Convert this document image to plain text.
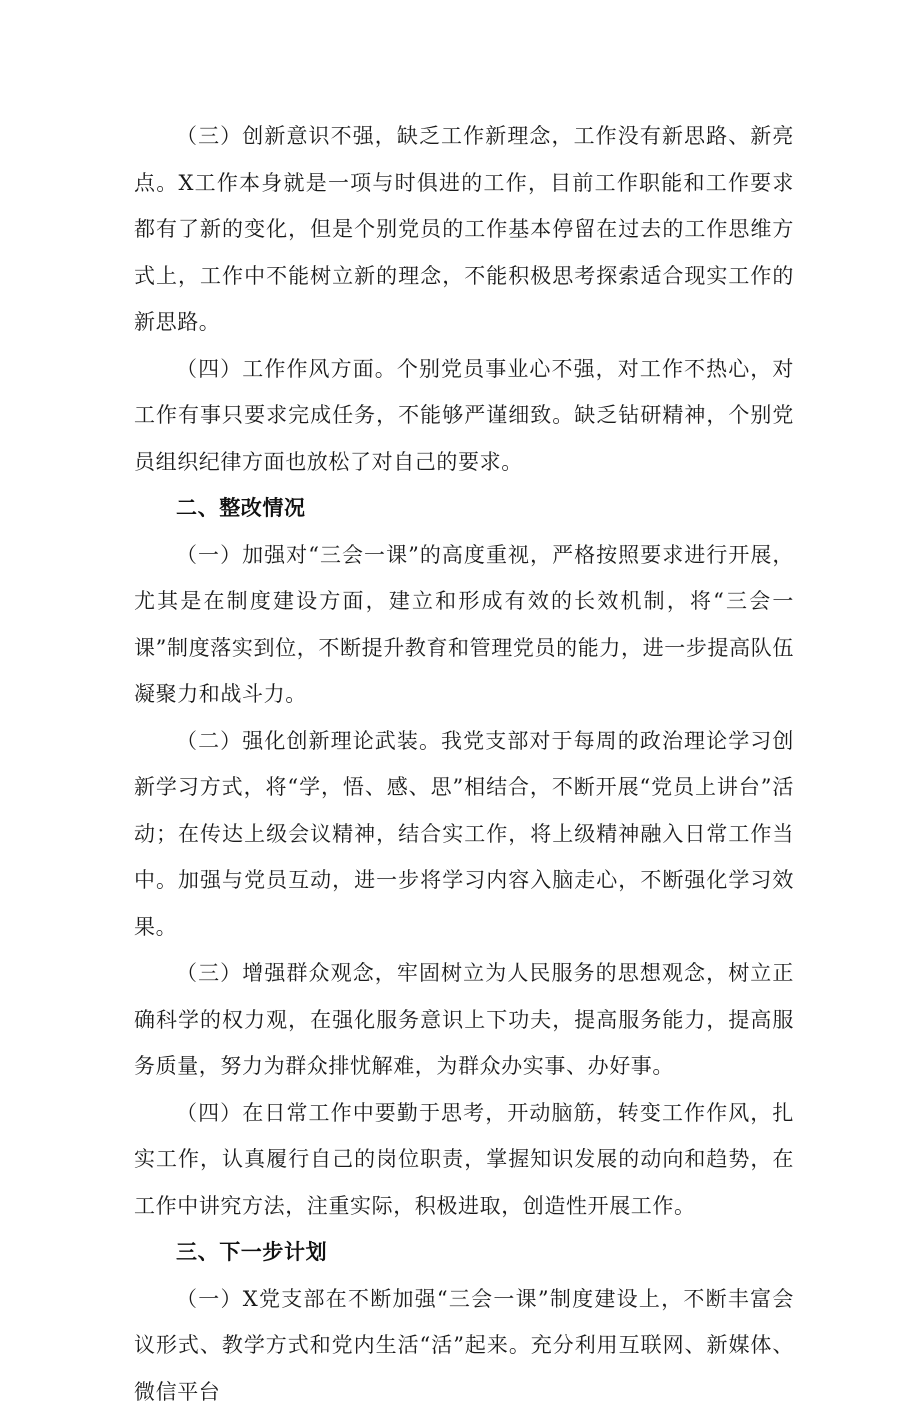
（三）创新意识不强，缺乏工作新理念，工作没有新思路、新亮点。X工作本身就是一项与时俱进的工作，目前工作职能和工作要求都有了新的变化，但是个别党员的工作基本停留在过去的工作思维方式上，工作中不能树立新的理念，不能积极思考探索适合现实工作的新思路。

（四）工作作风方面。个别党员事业心不强，对工作不热心，对工作有事只要求完成任务，不能够严谨细致。缺乏钻研精神，个别党员组织纪律方面也放松了对自己的要求。

二、整改情况

（一）加强对“三会一课”的高度重视，严格按照要求进行开展，尤其是在制度建设方面，建立和形成有效的长效机制，将“三会一课”制度落实到位，不断提升教育和管理党员的能力，进一步提高队伍凝聚力和战斗力。

（二）强化创新理论武装。我党支部对于每周的政治理论学习创新学习方式，将“学，悟、感、思”相结合，不断开展“党员上讲台”活动；在传达上级会议精神，结合实工作，将上级精神融入日常工作当中。加强与党员互动，进一步将学习内容入脑走心，不断强化学习效果。

（三）增强群众观念，牢固树立为人民服务的思想观念，树立正确科学的权力观，在强化服务意识上下功夫，提高服务能力，提高服务质量，努力为群众排忧解难，为群众办实事、办好事。

（四）在日常工作中要勤于思考，开动脑筋，转变工作作风，扎实工作，认真履行自己的岗位职责，掌握知识发展的动向和趋势，在工作中讲究方法，注重实际，积极进取，创造性开展工作。

三、下一步计划

（一）X党支部在不断加强“三会一课”制度建设上，不断丰富会议形式、教学方式和党内生活“活”起来。充分利用互联网、新媒体、微信平台
